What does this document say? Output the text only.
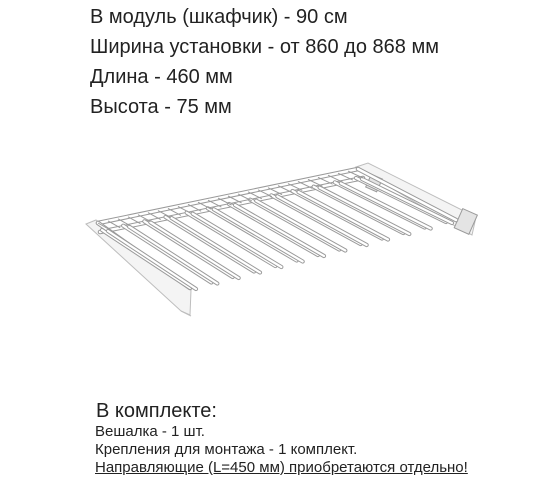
В модуль (шкафчик) - 90 см
Ширина установки - от 860 до 868 мм
Длина - 460 мм
Высота - 75 мм
В комплекте:
Вешалка - 1 шт.
Крепления для монтажа - 1 комплект.
Направляющие (L=450 мм) приобретаются отдельно!
